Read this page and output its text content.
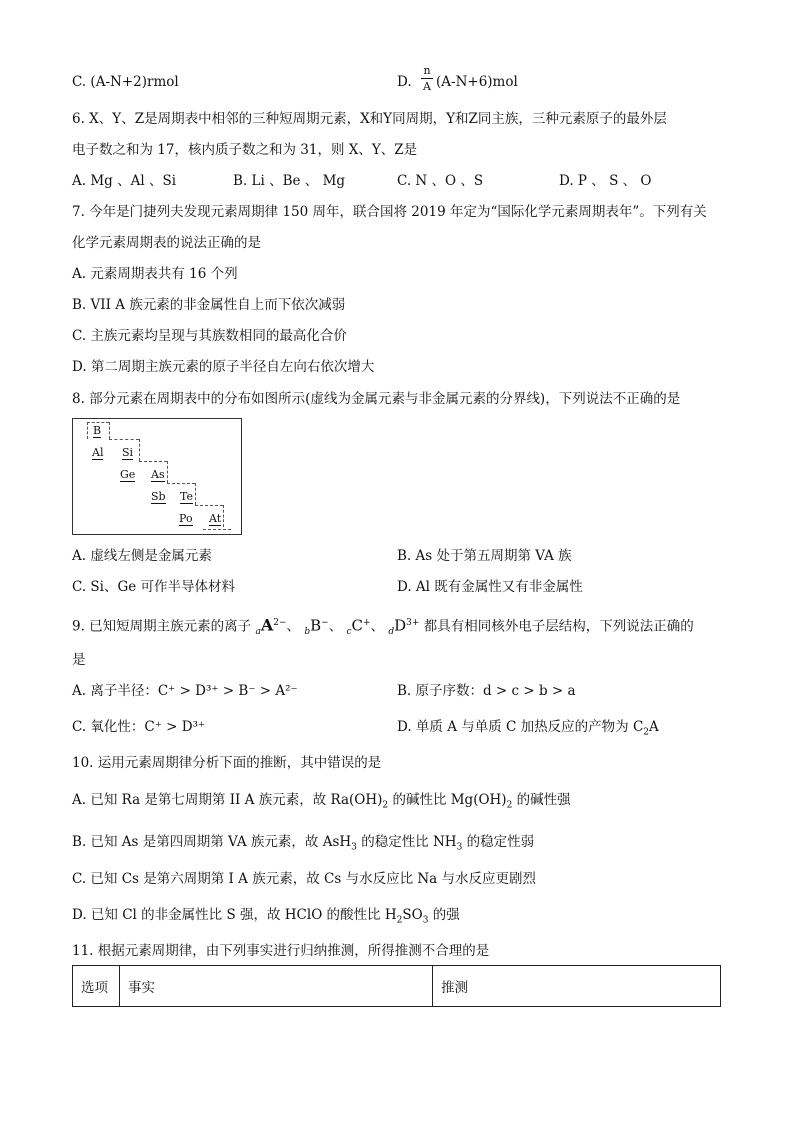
C. (A-N+2)rmol	D.
n
A (A-N+6)mol
6. X、Y、Z是周期表中相邻的三种短周期元素，X和Y同周期，Y和Z同主族，三种元素原子的最外层
电子数之和为 17，核内质子数之和为 31，则 X、Y、Z是
A. Mg 、Al 、Si	B. Li 、Be 、 Mg	C. N 、O 、S	D. P 、 S 、 O
7. 今年是门捷列夫发现元素周期律 150 周年，联合国将 2019 年定为“国际化学元素周期表年”。下列有关
化学元素周期表的说法正确的是
A. 元素周期表共有 16 个列
B. VII A 族元素的非金属性自上而下依次减弱
C. 主族元素均呈现与其族数相同的最高化合价
D. 第二周期主族元素的原子半径自左向右依次增大
8. 部分元素在周期表中的分布如图所示(虚线为金属元素与非金属元素的分界线)，下列说法不正确的是
B
Al Si
Ge As
Sb Te
Po At
A. 虚线左侧是金属元素	B. As 处于第五周期第 VA 族
C. Si、Ge 可作半导体材料	D. Al 既有金属性又有非金属性
9. 已知短周期主族元素的离子 $_aA^{2-}$、 $_b$B−、 $_c$C+、 $_dD^{3+}$ 都具有相同核外电子层结构，下列说法正确的
是
A. 离子半径：C⁺ > D³⁺ > B⁻ > A²⁻	B. 原子序数：d > c > b > a
C. 氧化性：C⁺ > D³⁺	D. 单质 A 与单质 C 加热反应的产物为 $C_2A$
10. 运用元素周期律分析下面的推断，其中错误的是
A. 已知 Ra 是第七周期第 II A 族元素，故 $Ra(OH)_2$ 的碱性比 $Mg(OH)_2$ 的碱性强
B. 已知 As 是第四周期第 VA 族元素，故 AsH$_3$ 的稳定性比 $NH_3$ 的稳定性弱
C. 已知 Cs 是第六周期第 I A 族元素，故 Cs 与水反应比 Na 与水反应更剧烈
D. 已知 Cl 的非金属性比 S 强，故 HClO 的酸性比 $H_2SO_3$ 的强
11. 根据元素周期律，由下列事实进行归纳推测，所得推测不合理的是
选项	事实	推测
